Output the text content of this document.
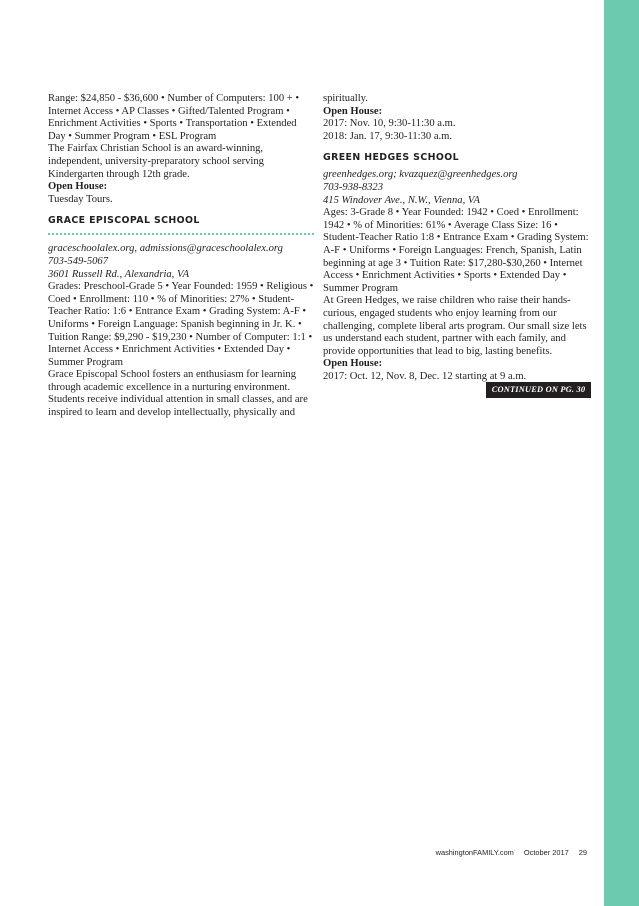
Range: $24,850 - $36,600 • Number of Computers: 100 + • Internet Access • AP Classes • Gifted/Talented Program • Enrichment Activities • Sports • Transportation • Extended Day • Summer Program • ESL Program

The Fairfax Christian School is an award-winning, independent, university-preparatory school serving Kindergarten through 12th grade.

Open House:

Tuesday Tours.

GRACE EPISCOPAL SCHOOL

graceschoolalex.org, admissions@graceschoolalex.org

703-549-5067

3601 Russell Rd., Alexandria, VA

Grades: Preschool-Grade 5 • Year Founded: 1959 • Religious • Coed • Enrollment: 110 • % of Minorities: 27% • Student-Teacher Ratio: 1:6 • Entrance Exam • Grading System: A-F • Uniforms • Foreign Language: Spanish beginning in Jr. K. • Tuition Range: $9,290 - $19,230 • Number of Computer: 1:1 • Internet Access • Enrichment Activities • Extended Day • Summer Program

Grace Episcopal School fosters an enthusiasm for learning through academic excellence in a nurturing environment. Students receive individual attention in small classes, and are inspired to learn and develop intellectually, physically and

spiritually.

Open House:

2017: Nov. 10, 9:30-11:30 a.m.

2018: Jan. 17, 9:30-11:30 a.m.

GREEN HEDGES SCHOOL

greenhedges.org; kvazquez@greenhedges.org

703-938-8323

415 Windover Ave., N.W., Vienna, VA

Ages: 3-Grade 8 • Year Founded: 1942 • Coed • Enrollment: 1942 • % of Minorities: 61% • Average Class Size: 16 • Student-Teacher Ratio 1:8 • Entrance Exam • Grading System: A-F • Uniforms • Foreign Languages: French, Spanish, Latin beginning at age 3 • Tuition Rate: $17,280-$30,260 • Internet Access • Enrichment Activities • Sports • Extended Day • Summer Program

At Green Hedges, we raise children who raise their hands-curious, engaged students who enjoy learning from our challenging, complete liberal arts program. Our small size lets us understand each student, partner with each family, and provide opportunities that lead to big, lasting benefits.

Open House:

2017: Oct. 12, Nov. 8, Dec. 12 starting at 9 a.m.

CONTINUED ON PG. 30
washingtonFAMILY.com October 2017 29
